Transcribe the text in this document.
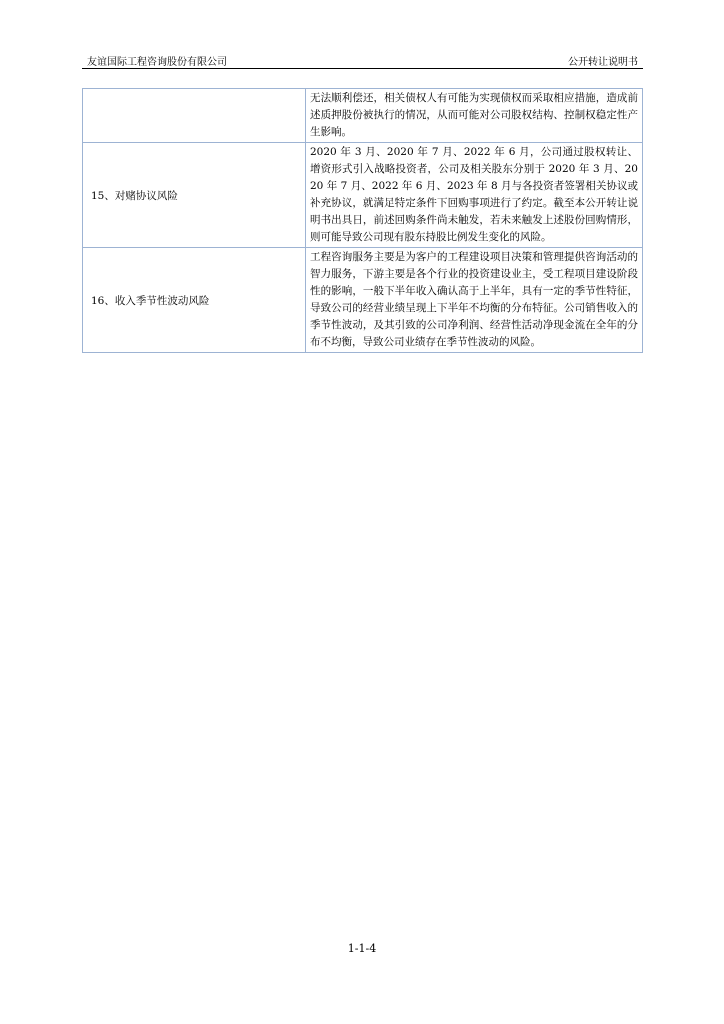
友谊国际工程咨询股份有限公司	公开转让说明书
	无法顺利偿还，相关债权人有可能为实现债权而采取相应措施，造成前述质押股份被执行的情况，从而可能对公司股权结构、控制权稳定性产生影响。
15、对赌协议风险	2020 年 3 月、2020 年 7 月、2022 年 6 月，公司通过股权转让、增资形式引入战略投资者，公司及相关股东分别于 2020 年 3 月、2020 年 7 月、2022 年 6 月、2023 年 8 月与各投资者签署相关协议或补充协议，就满足特定条件下回购事项进行了约定。截至本公开转让说明书出具日，前述回购条件尚未触发，若未来触发上述股份回购情形，则可能导致公司现有股东持股比例发生变化的风险。
16、收入季节性波动风险	工程咨询服务主要是为客户的工程建设项目决策和管理提供咨询活动的智力服务，下游主要是各个行业的投资建设业主，受工程项目建设阶段性的影响，一般下半年收入确认高于上半年，具有一定的季节性特征，导致公司的经营业绩呈现上下半年不均衡的分布特征。公司销售收入的季节性波动，及其引致的公司净利润、经营性活动净现金流在全年的分布不均衡，导致公司业绩存在季节性波动的风险。
1-1-4
